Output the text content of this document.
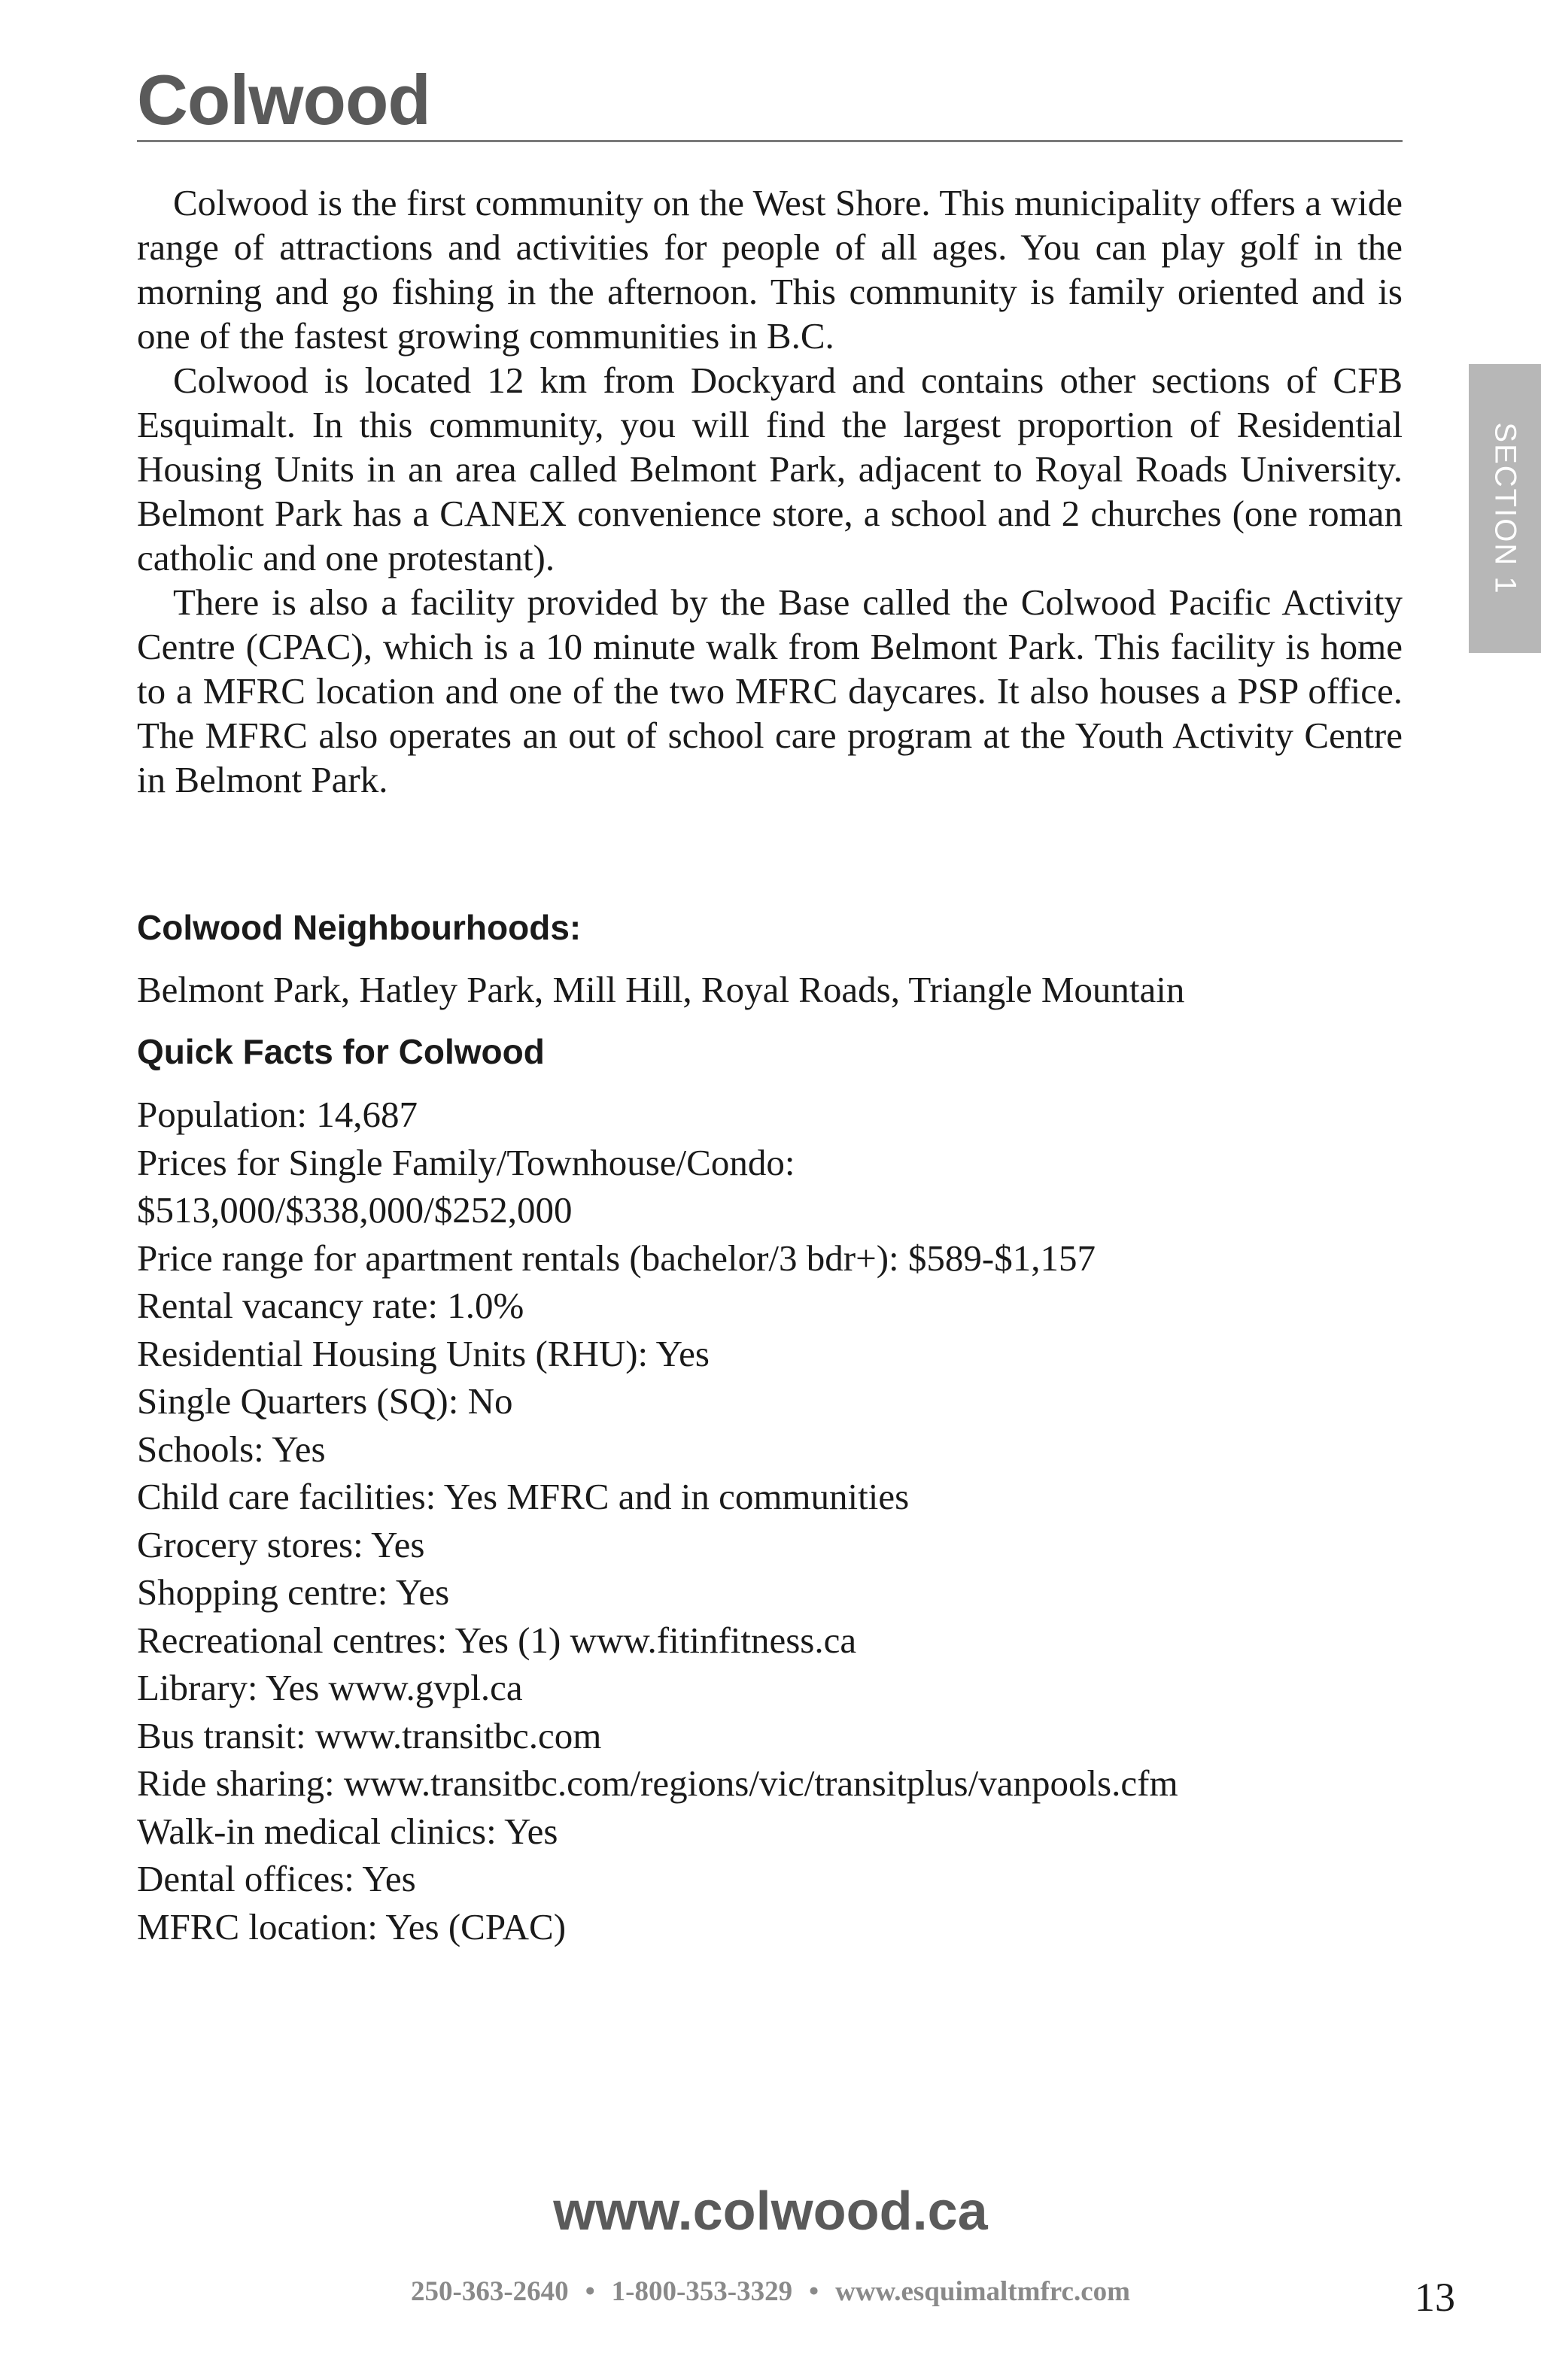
Colwood
SECTION 1

Colwood is the first community on the West Shore. This municipality offers a wide range of attractions and activities for people of all ages. You can play golf in the morning and go fishing in the afternoon. This community is family oriented and is one of the fastest growing communities in B.C.

Colwood is located 12 km from Dockyard and contains other sections of CFB Esquimalt. In this community, you will find the largest proportion of Residential Housing Units in an area called Belmont Park, adjacent to Royal Roads University. Belmont Park has a CANEX convenience store, a school and 2 churches (one roman catholic and one protestant).

There is also a facility provided by the Base called the Colwood Pacific Activity Centre (CPAC), which is a 10 minute walk from Belmont Park. This facility is home to a MFRC location and one of the two MFRC daycares. It also houses a PSP office. The MFRC also operates an out of school care program at the Youth Activity Centre in Belmont Park.

Colwood Neighbourhoods:

Belmont Park, Hatley Park, Mill Hill, Royal Roads, Triangle Mountain

Quick Facts for Colwood
Population: 14,687
Prices for Single Family/Townhouse/Condo:
$513,000/$338,000/$252,000
Price range for apartment rentals (bachelor/3 bdr+): $589-$1,157
Rental vacancy rate: 1.0%
Residential Housing Units (RHU): Yes
Single Quarters (SQ): No
Schools: Yes
Child care facilities: Yes MFRC and in communities
Grocery stores: Yes
Shopping centre: Yes
Recreational centres: Yes (1) www.fitinfitness.ca
Library: Yes www.gvpl.ca
Bus transit: www.transitbc.com
Ride sharing: www.transitbc.com/regions/vic/transitplus/vanpools.cfm
Walk-in medical clinics: Yes
Dental offices: Yes
MFRC location: Yes (CPAC)
www.colwood.ca
250-363-2640 • 1-800-353-3329 • www.esquimaltmfrc.com	13
